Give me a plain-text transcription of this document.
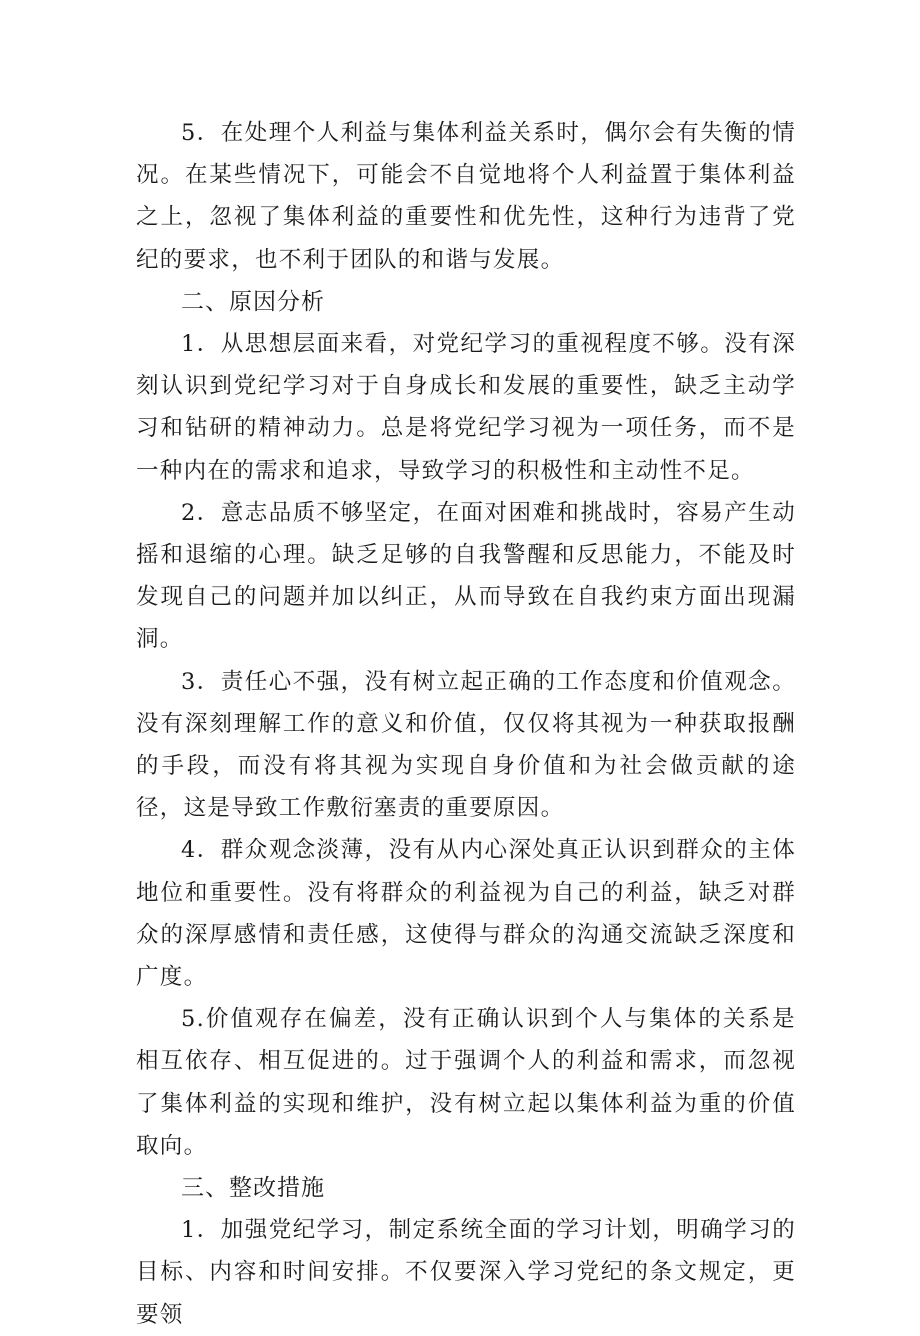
5．在处理个人利益与集体利益关系时，偶尔会有失衡的情况。在某些情况下，可能会不自觉地将个人利益置于集体利益之上，忽视了集体利益的重要性和优先性，这种行为违背了党纪的要求，也不利于团队的和谐与发展。

二、原因分析

1．从思想层面来看，对党纪学习的重视程度不够。没有深刻认识到党纪学习对于自身成长和发展的重要性，缺乏主动学习和钻研的精神动力。总是将党纪学习视为一项任务，而不是一种内在的需求和追求，导致学习的积极性和主动性不足。

2．意志品质不够坚定，在面对困难和挑战时，容易产生动摇和退缩的心理。缺乏足够的自我警醒和反思能力，不能及时发现自己的问题并加以纠正，从而导致在自我约束方面出现漏洞。

3．责任心不强，没有树立起正确的工作态度和价值观念。没有深刻理解工作的意义和价值，仅仅将其视为一种获取报酬的手段，而没有将其视为实现自身价值和为社会做贡献的途径，这是导致工作敷衍塞责的重要原因。

4．群众观念淡薄，没有从内心深处真正认识到群众的主体地位和重要性。没有将群众的利益视为自己的利益，缺乏对群众的深厚感情和责任感，这使得与群众的沟通交流缺乏深度和广度。

5.价值观存在偏差，没有正确认识到个人与集体的关系是相互依存、相互促进的。过于强调个人的利益和需求，而忽视了集体利益的实现和维护，没有树立起以集体利益为重的价值取向。

三、整改措施

1．加强党纪学习，制定系统全面的学习计划，明确学习的目标、内容和时间安排。不仅要深入学习党纪的条文规定，更要领
